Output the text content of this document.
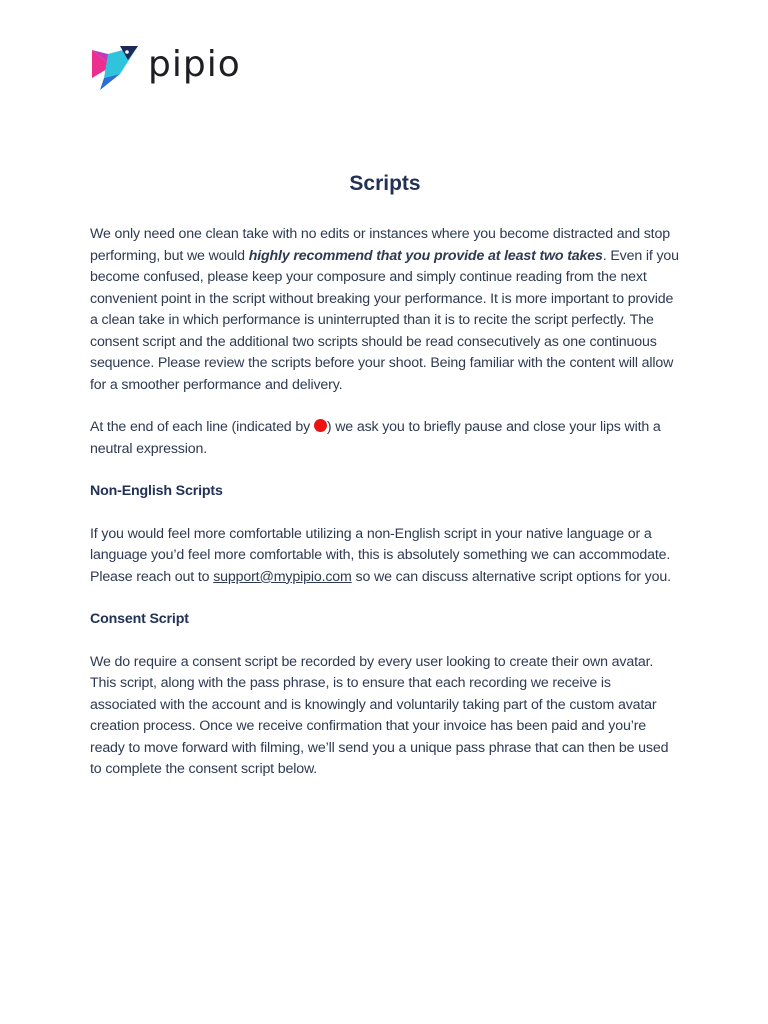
pipio
Scripts

We only need one clean take with no edits or instances where you become distracted and stop performing, but we would highly recommend that you provide at least two takes. Even if you become confused, please keep your composure and simply continue reading from the next convenient point in the script without breaking your performance. It is more important to provide a clean take in which performance is uninterrupted than it is to recite the script perfectly. The consent script and the additional two scripts should be read consecutively as one continuous sequence. Please review the scripts before your shoot. Being familiar with the content will allow for a smoother performance and delivery.

At the end of each line (indicated by ) we ask you to briefly pause and close your lips with a neutral expression.

Non-English Scripts

If you would feel more comfortable utilizing a non-English script in your native language or a language you’d feel more comfortable with, this is absolutely something we can accommodate. Please reach out to support@mypipio.com so we can discuss alternative script options for you.

Consent Script

We do require a consent script be recorded by every user looking to create their own avatar. This script, along with the pass phrase, is to ensure that each recording we receive is associated with the account and is knowingly and voluntarily taking part of the custom avatar creation process. Once we receive confirmation that your invoice has been paid and you’re ready to move forward with filming, we’ll send you a unique pass phrase that can then be used to complete the consent script below.
